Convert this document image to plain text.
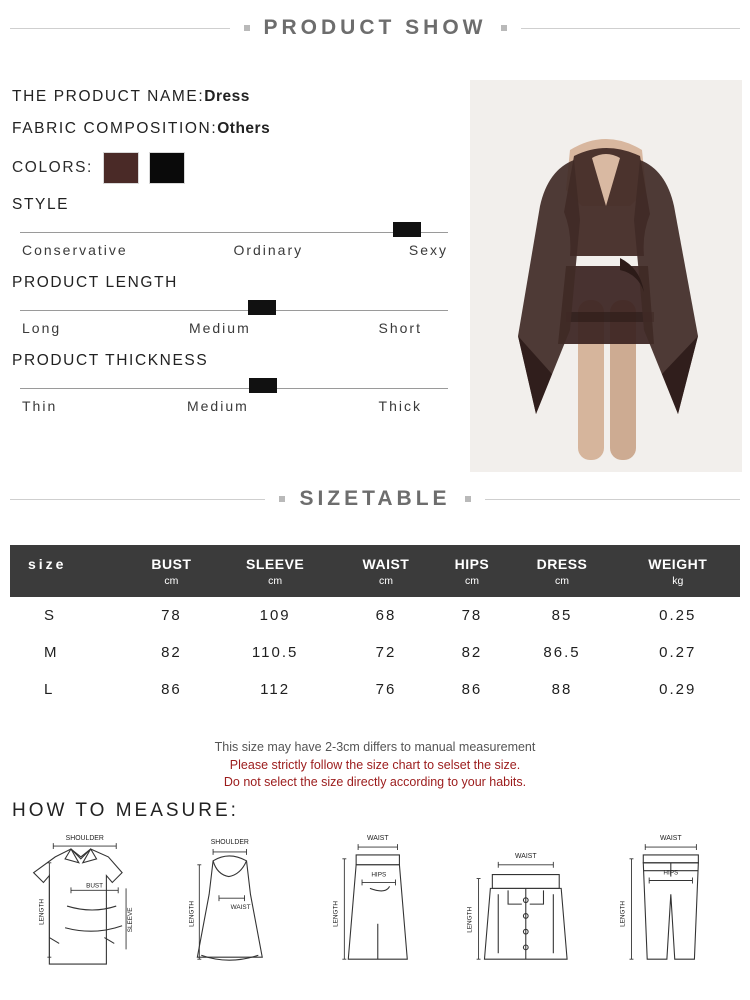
PRODUCT SHOW
THE PRODUCT NAME:Dress
FABRIC COMPOSITION:Others
COLORS:
STYLE
Conservative	Ordinary	Sexy
PRODUCT LENGTH
Long	Medium	Short
PRODUCT THICKNESS
Thin	Medium	Thick
SIZETABLE
size	BUST	SLEEVE	WAIST	HIPS	DRESS	WEIGHT
	cm	cm	cm	cm	cm	kg
S	78	109	68	78	85	0.25
M	82	110.5	72	82	86.5	0.27
L	86	112	76	86	88	0.29
This size may have 2-3cm differs to manual measurement
Please strictly follow the size chart to selset the size.
Do not select the size directly according to your habits.
HOW TO MEASURE:
SHOULDER
BUST
LENGTH	SLEEVE
SHOULDER
WAIST
LENGTH
WAIST
HIPS
LENGTH
WAIST
LENGTH
WAIST
HIPS
LENGTH
